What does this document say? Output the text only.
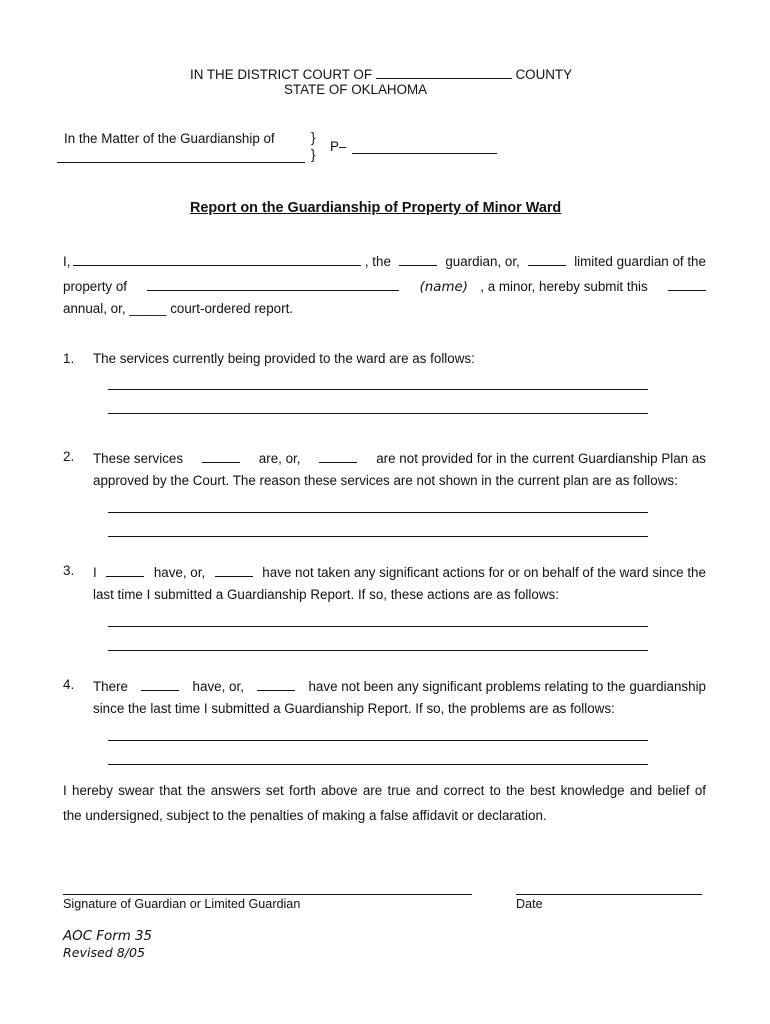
IN THE DISTRICT COURT OF	COUNTY
STATE OF OKLAHOMA
In the Matter of the Guardianship of	}
}
P–
Report on the Guardianship of Property of Minor Ward
I,	, the	guardian, or,	limited guardian of the
property of	(name) , a minor, hereby submit this
annual, or, _____ court-ordered report.
1. The services currently being provided to the ward are as follows:
2. These services	are, or,	are not provided for in the current Guardianship Plan as
approved by the Court. The reason these services are not shown in the current plan are as follows:
3. I	have, or,	have not taken any significant actions for or on behalf of the ward since the
last time I submitted a Guardianship Report. If so, these actions are as follows:
4. There	have, or,	have not been any significant problems relating to the guardianship
since the last time I submitted a Guardianship Report. If so, the problems are as follows:
I hereby swear that the answers set forth above are true and correct to the best knowledge and belief of
the undersigned, subject to the penalties of making a false affidavit or declaration.
Signature of Guardian or Limited Guardian	Date
AOC Form 35
Revised 8/05
